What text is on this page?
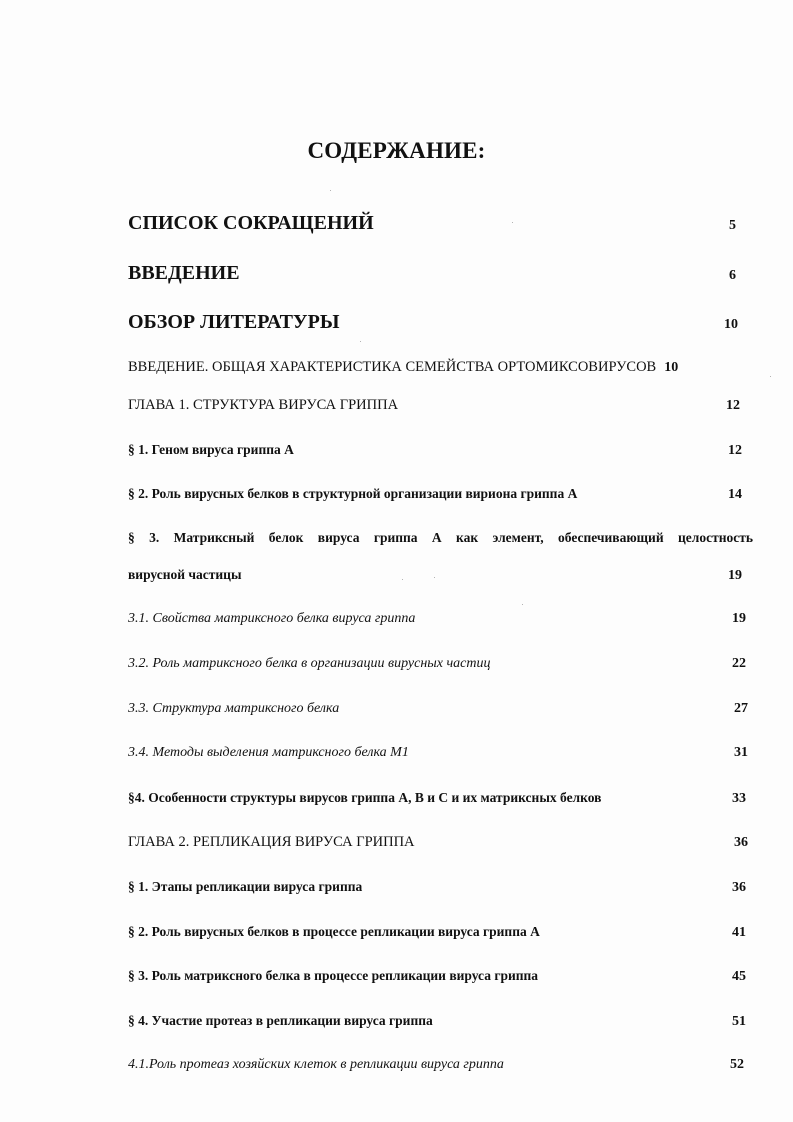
СОДЕРЖАНИЕ:
СПИСОК СОКРАЩЕНИЙ	5
ВВЕДЕНИЕ	6
ОБЗОР ЛИТЕРАТУРЫ	10
ВВЕДЕНИЕ. ОБЩАЯ ХАРАКТЕРИСТИКА СЕМЕЙСТВА ОРТОМИКСОВИРУСОВ 10
ГЛАВА 1. СТРУКТУРА ВИРУСА ГРИППА	12
§ 1. Геном вируса гриппа А	12
§ 2. Роль вирусных белков в структурной организации вириона гриппа А	14
§ 3. Матриксный белок вируса гриппа А как элемент, обеспечивающий целостность
вирусной частицы	19
3.1. Свойства матриксного белка вируса гриппа	19
3.2. Роль матриксного белка в организации вирусных частиц	22
3.3. Структура матриксного белка	27
3.4. Методы выделения матриксного белка М1	31
§4. Особенности структуры вирусов гриппа А, В и С и их матриксных белков	33
ГЛАВА 2. РЕПЛИКАЦИЯ ВИРУСА ГРИППА	36
§ 1. Этапы репликации вируса гриппа	36
§ 2. Роль вирусных белков в процессе репликации вируса гриппа А	41
§ 3. Роль матриксного белка в процессе репликации вируса гриппа	45
§ 4. Участие протеаз в репликации вируса гриппа	51
4.1.Роль протеаз хозяйских клеток в репликации вируса гриппа	52
